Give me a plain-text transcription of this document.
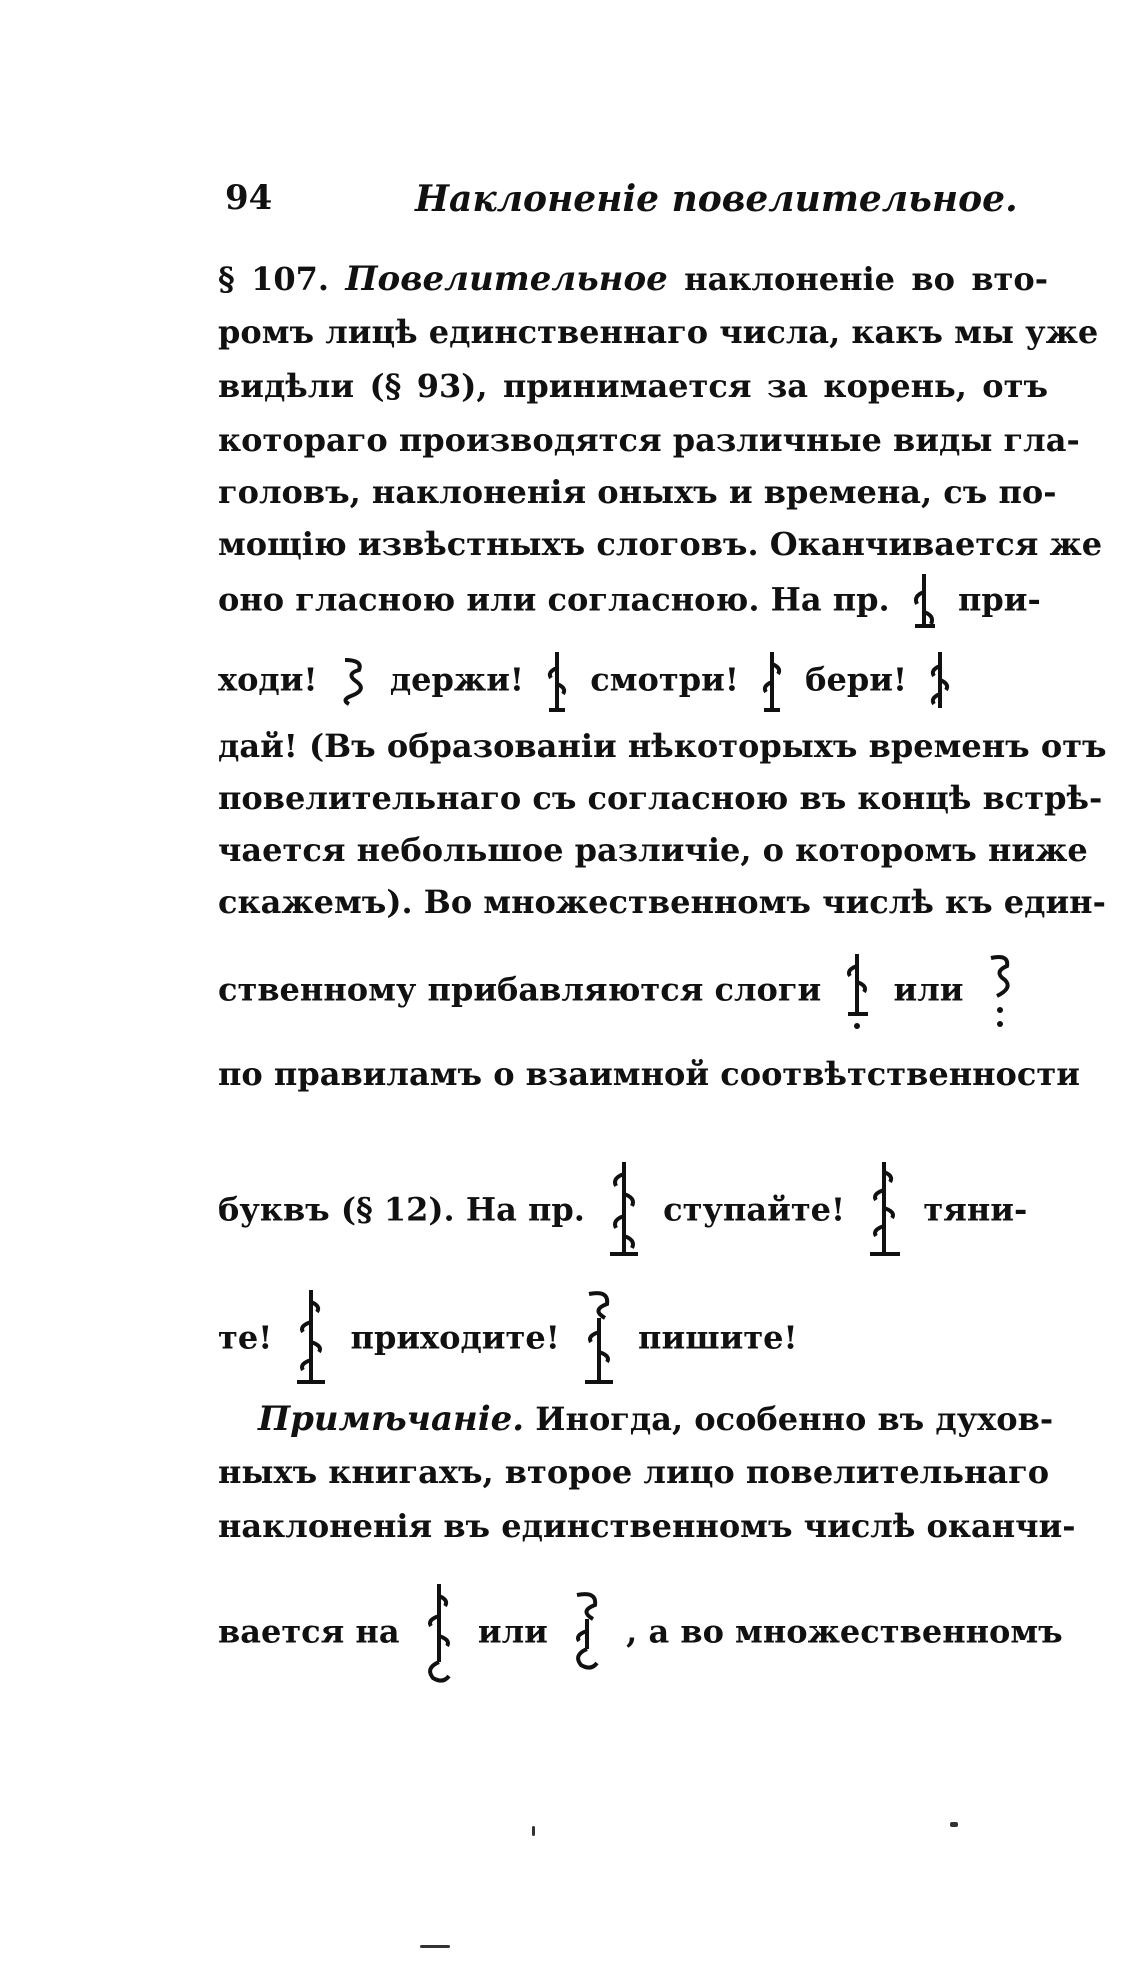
94	Наклоненіе повелительное.
§ 107. Повелительное наклоненіе во вто-
ромъ лицѣ единственнаго числа, какъ мы уже
видѣли (§ 93), принимается за корень, отъ
котораго производятся различные виды гла-
головъ, наклоненія оныхъ и времена, съ по-
мощію извѣстныхъ слоговъ. Оканчивается же
оно гласною или согласною. На пр. при-
ходи! держи! смотри! бери!
дай! (Въ образованіи нѣкоторыхъ временъ отъ
повелительнаго съ согласною въ концѣ встрѣ-
чается небольшое различіе, о которомъ ниже
скажемъ). Во множественномъ числѣ къ един-
ственному прибавляются слоги или
по правиламъ о взаимной соотвѣтственности
буквъ (§ 12). На пр. ступайте! тяни-
те! приходите! пишите!
Примѣчаніе. Иногда, особенно въ духов-
ныхъ книгахъ, второе лицо повелительнаго
наклоненія въ единственномъ числѣ оканчи-
вается на или , а во множественномъ
